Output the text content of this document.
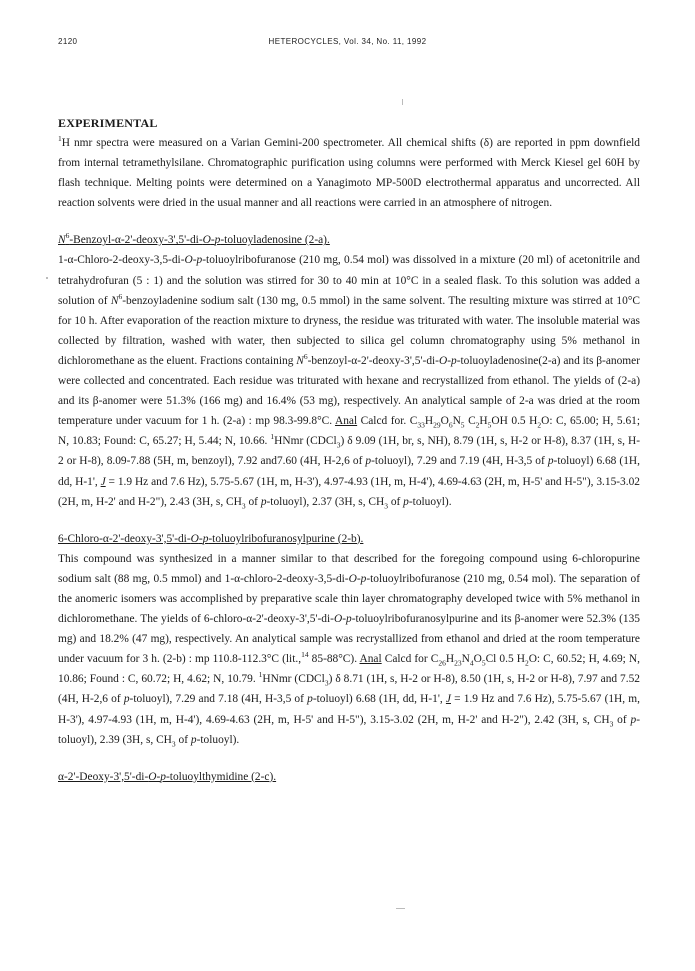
2120	HETEROCYCLES, Vol. 34, No. 11, 1992
EXPERIMENTAL

$^1$H nmr spectra were measured on a Varian Gemini-200 spectrometer. All chemical shifts (δ) are reported in ppm downfield from internal tetramethylsilane. Chromatographic purification using columns were performed with Merck Kiesel gel 60H by flash technique. Melting points were determined on a Yanagimoto MP-500D electrothermal apparatus and uncorrected. All reaction solvents were dried in the usual manner and all reactions were carried in an atmosphere of nitrogen.

$N^6-Benzoyl-\alpha-2'-deoxy-3',5'-di-O-p$-toluoyladenosine (2-a).

1-α-Chloro-2-deoxy-3,5-di-O-p-toluoylribofuranose (210 mg, 0.54 mol) was dissolved in a mixture (20 ml) of acetonitrile and tetrahydrofuran (5 : 1) and the solution was stirred for 30 to 40 min at 10°C in a sealed flask. To this solution was added a solution of $N^6$-benzoyladenine sodium salt (130 mg, 0.5 mmol) in the same solvent. The resulting mixture was stirred at 10°C for 10 h. After evaporation of the reaction mixture to dryness, the residue was triturated with water. The insoluble material was collected by filtration, washed with water, then subjected to silica gel column chromatography using 5% methanol in dichloromethane as the eluent. Fractions containing $N^6-benzoyl-\alpha-2'-deoxy-3',5'-di-O-p-toluoyladenosine(2-a)$ and its β-anomer were collected and concentrated. Each residue was triturated with hexane and recrystallized from ethanol. The yields of (2-a) and its β-anomer were 51.3% (166 mg) and 16.4% (53 mg), respectively. An analytical sample of 2-a was dried at the room temperature under vacuum for 1 h. (2-a) : mp 98.3-99.8°C. Anal Calcd for. $C_{33}H_{29}O_6N_5$ $C_2H_5OH$ 0.5 $H_2O$: C, 65.00; H, 5.61; N, 10.83; Found: C, 65.27; H, 5.44; N, 10.66. $^1$HNmr (CDCl$_3$) δ 9.09 (1H, br, s, NH), 8.79 (1H, s, H-2 or H-8), 8.37 (1H, s, H-2 or H-8), 8.09-7.88 (5H, m, benzoyl), 7.92 and7.60 (4H, H-2,6 of p-toluoyl), 7.29 and 7.19 (4H, H-3,5 of p-toluoyl) 6.68 (1H, dd, H-1', J = 1.9 Hz and 7.6 Hz), 5.75-5.67 (1H, m, H-3'), 4.97-4.93 (1H, m, H-4'), 4.69-4.63 (2H, m, H-5' and H-5"), 3.15-3.02 (2H, m, H-2' and H-2"), 2.43 (3H, s, $CH_3$ of p-toluoyl), 2.37 (3H, s, $CH_3$ of p-toluoyl).

6-Chloro-α-2'-deoxy-3',5'-di-O-p-toluoylribofuranosylpurine (2-b).

This compound was synthesized in a manner similar to that described for the foregoing compound using 6-chloropurine sodium salt (88 mg, 0.5 mmol) and 1-α-chloro-2-deoxy-3,5-di-O-p-toluoylribofuranose (210 mg, 0.54 mol). The separation of the anomeric isomers was accomplished by preparative scale thin layer chromatography developed twice with 5% methanol in dichloromethane. The yields of 6-chloro-α-2'-deoxy-3',5'-di-O-p-toluoylribofuranosylpurine and its β-anomer were 52.3% (135 mg) and 18.2% (47 mg), respectively. An analytical sample was recrystallized from ethanol and dried at the room temperature under vacuum for 3 h. (2-b) : mp 110.8-112.3°C (lit.,$^{14}$ 85-88°C). Anal Calcd for $C_{26}H_{23}N_4O_5Cl$ 0.5 $H_2O$: C, 60.52; H, 4.69; N, 10.86; Found : C, 60.72; H, 4.62; N, 10.79. $^1$HNmr (CDCl$_3$) δ 8.71 (1H, s, H-2 or H-8), 8.50 (1H, s, H-2 or H-8), 7.97 and 7.52 (4H, H-2,6 of p-toluoyl), 7.29 and 7.18 (4H, H-3,5 of p-toluoyl) 6.68 (1H, dd, H-1', J = 1.9 Hz and 7.6 Hz), 5.75-5.67 (1H, m, H-3'), 4.97-4.93 (1H, m, H-4'), 4.69-4.63 (2H, m, H-5' and H-5"), 3.15-3.02 (2H, m, H-2' and H-2"), 2.42 (3H, s, $CH_3$ of p-toluoyl), 2.39 (3H, s, $CH_3$ of p-toluoyl).

α-2'-Deoxy-3',5'-di-O-p-toluoylthymidine (2-c).
